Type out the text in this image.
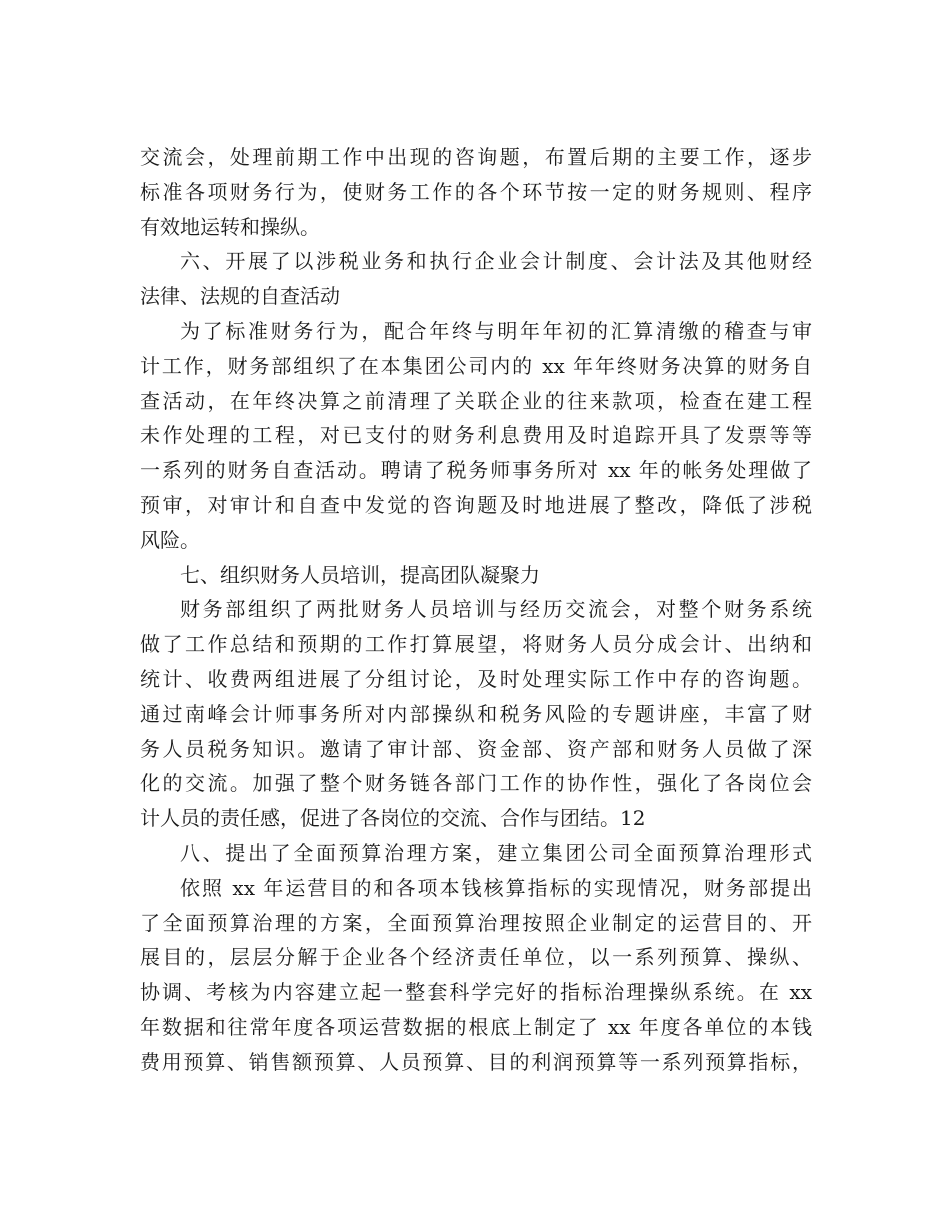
交流会，处理前期工作中出现的咨询题，布置后期的主要工作，逐步
标准各项财务行为，使财务工作的各个环节按一定的财务规则、程序
有效地运转和操纵。
六、开展了以涉税业务和执行企业会计制度、会计法及其他财经
法律、法规的自查活动
为了标准财务行为，配合年终与明年年初的汇算清缴的稽查与审
计工作，财务部组织了在本集团公司内的 xx 年年终财务决算的财务自
查活动，在年终决算之前清理了关联企业的往来款项，检查在建工程
未作处理的工程，对已支付的财务利息费用及时追踪开具了发票等等
一系列的财务自查活动。聘请了税务师事务所对 xx 年的帐务处理做了
预审，对审计和自查中发觉的咨询题及时地进展了整改，降低了涉税
风险。
七、组织财务人员培训，提高团队凝聚力
财务部组织了两批财务人员培训与经历交流会，对整个财务系统
做了工作总结和预期的工作打算展望，将财务人员分成会计、出纳和
统计、收费两组进展了分组讨论，及时处理实际工作中存的咨询题。
通过南峰会计师事务所对内部操纵和税务风险的专题讲座，丰富了财
务人员税务知识。邀请了审计部、资金部、资产部和财务人员做了深
化的交流。加强了整个财务链各部门工作的协作性，强化了各岗位会
计人员的责任感，促进了各岗位的交流、合作与团结。12
八、提出了全面预算治理方案，建立集团公司全面预算治理形式
依照 xx 年运营目的和各项本钱核算指标的实现情况，财务部提出
了全面预算治理的方案，全面预算治理按照企业制定的运营目的、开
展目的，层层分解于企业各个经济责任单位，以一系列预算、操纵、
协调、考核为内容建立起一整套科学完好的指标治理操纵系统。在 xx
年数据和往常年度各项运营数据的根底上制定了 xx 年度各单位的本钱
费用预算、销售额预算、人员预算、目的利润预算等一系列预算指标，
